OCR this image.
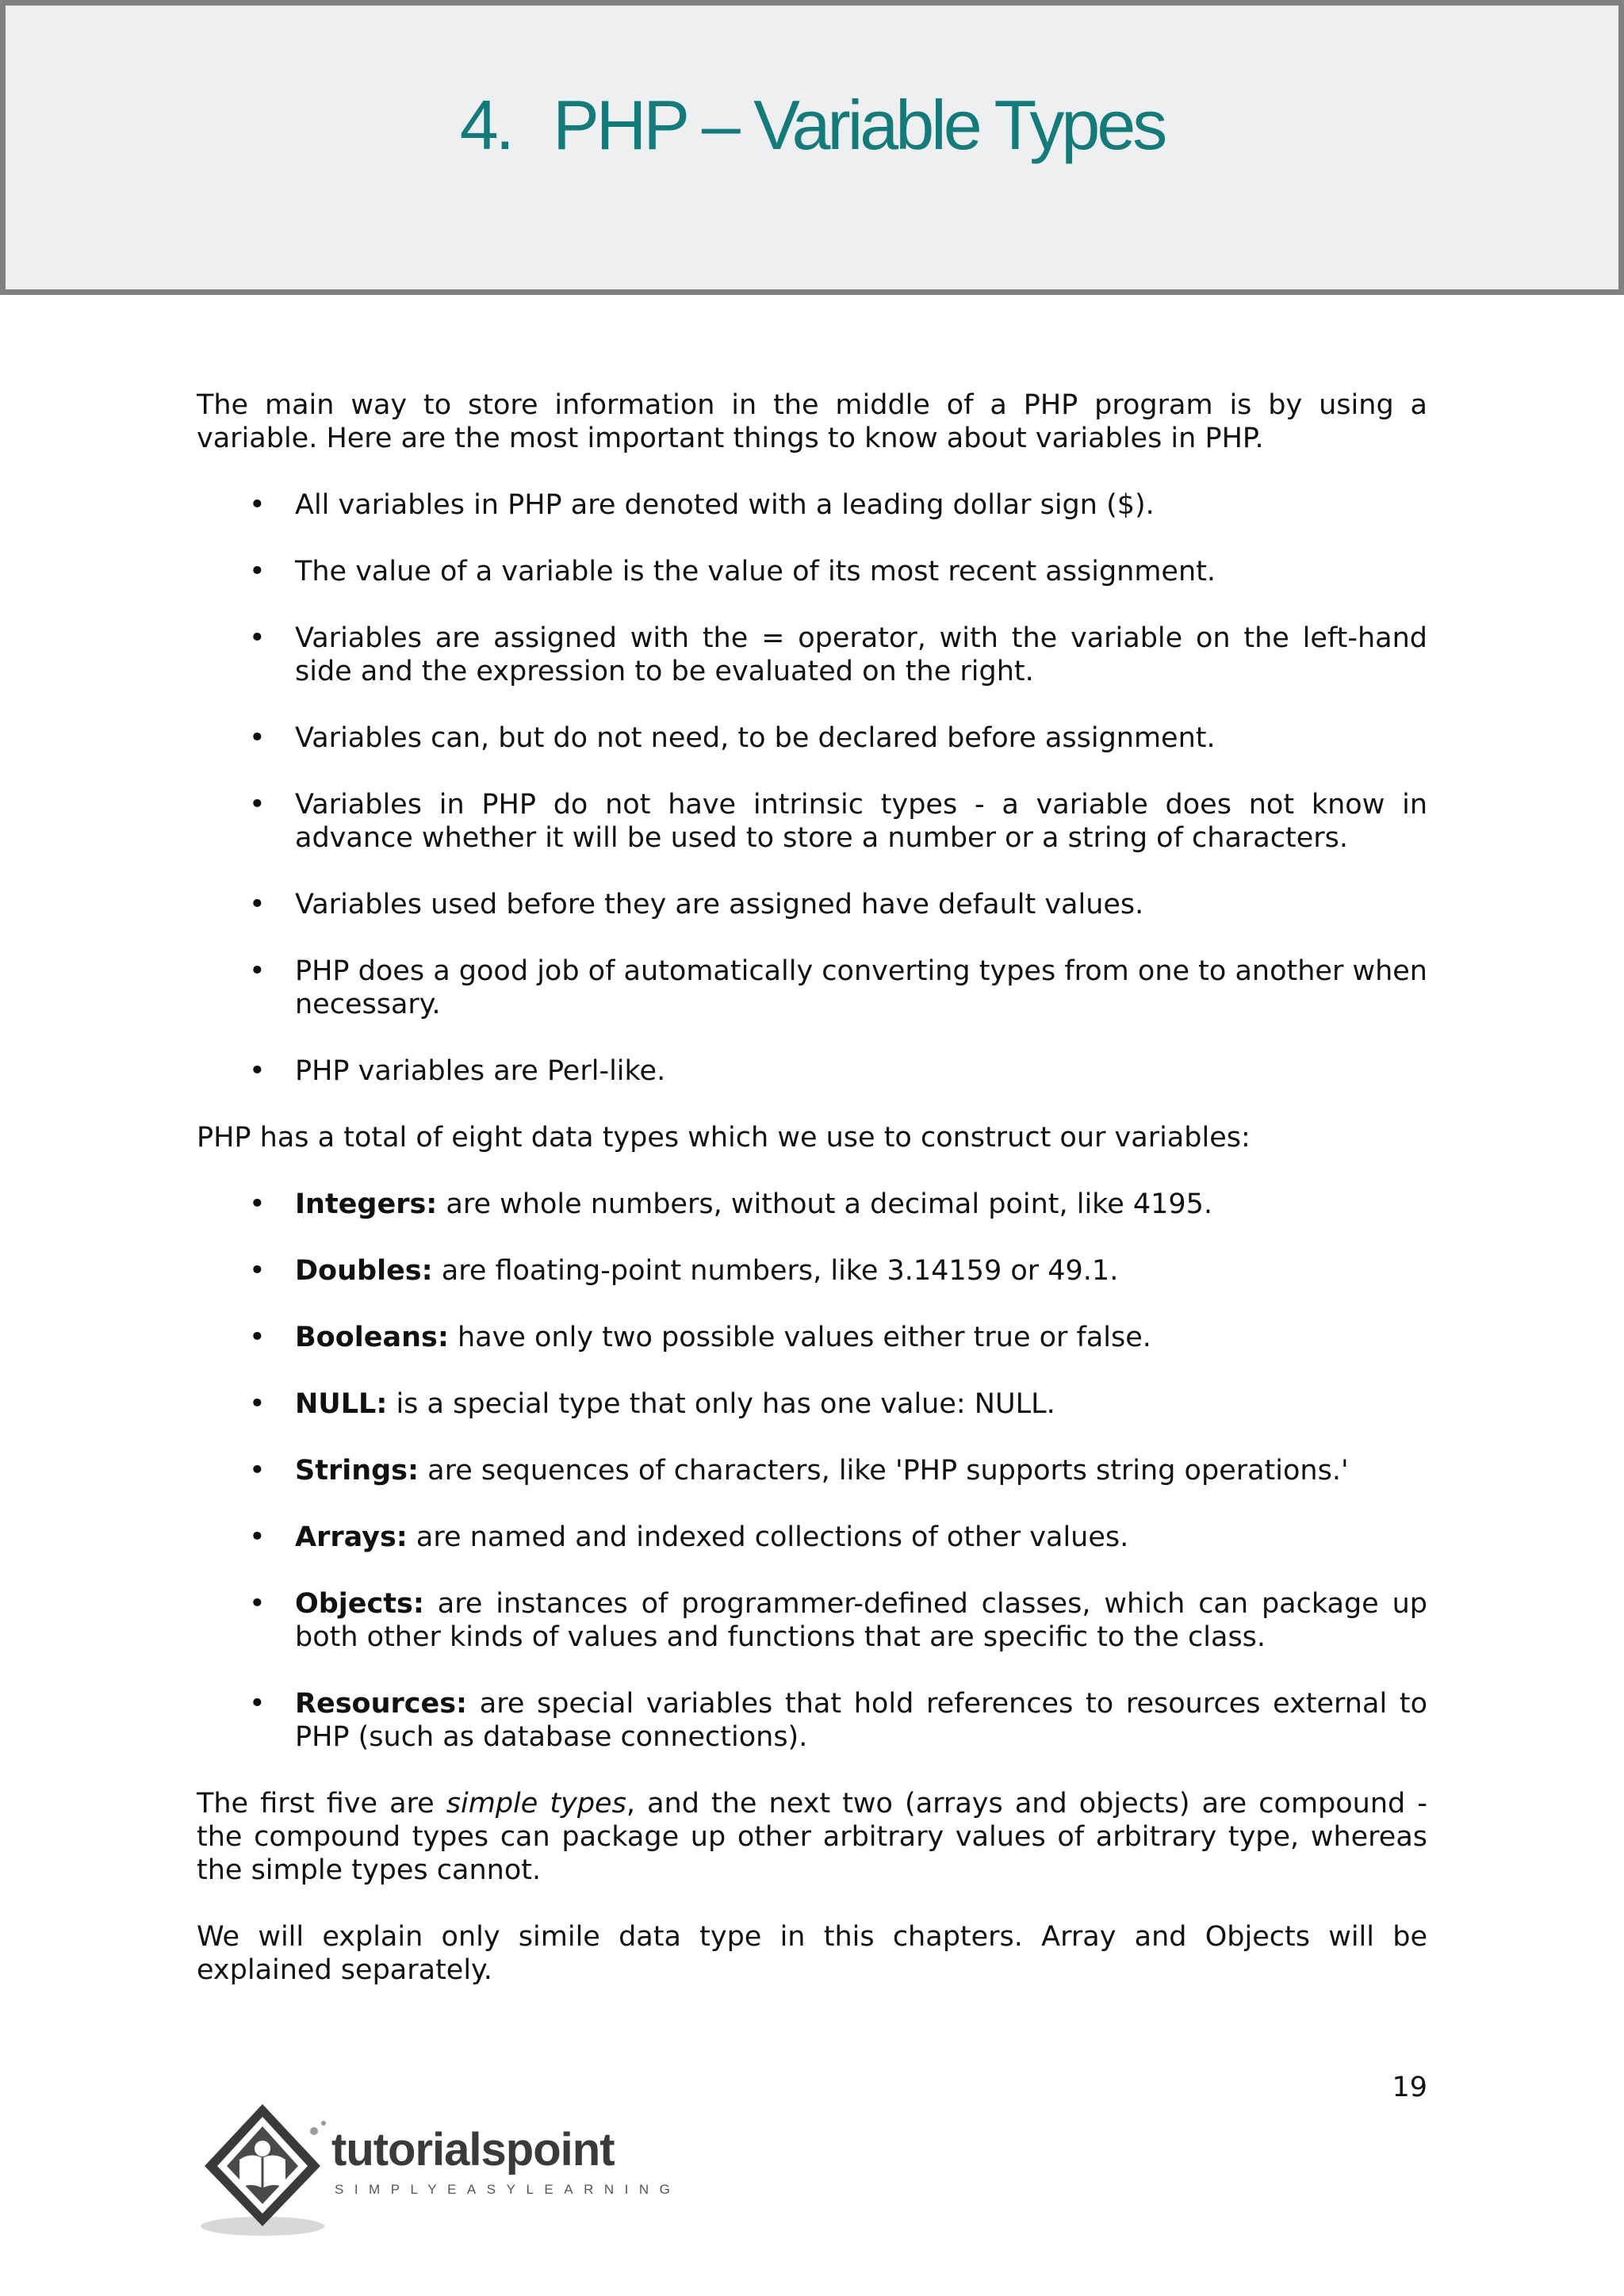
4. PHP – Variable Types

The main way to store information in the middle of a PHP program is by using a variable. Here are the most important things to know about variables in PHP.

• All variables in PHP are denoted with a leading dollar sign ($).
• The value of a variable is the value of its most recent assignment.
• Variables are assigned with the = operator, with the variable on the left-hand side and the expression to be evaluated on the right.
• Variables can, but do not need, to be declared before assignment.
• Variables in PHP do not have intrinsic types - a variable does not know in advance whether it will be used to store a number or a string of characters.
• Variables used before they are assigned have default values.
• PHP does a good job of automatically converting types from one to another when necessary.
• PHP variables are Perl-like.

PHP has a total of eight data types which we use to construct our variables:

• Integers: are whole numbers, without a decimal point, like 4195.
• Doubles: are floating-point numbers, like 3.14159 or 49.1.
• Booleans: have only two possible values either true or false.
• NULL: is a special type that only has one value: NULL.
• Strings: are sequences of characters, like 'PHP supports string operations.'
• Arrays: are named and indexed collections of other values.
• Objects: are instances of programmer-defined classes, which can package up both other kinds of values and functions that are specific to the class.
• Resources: are special variables that hold references to resources external to PHP (such as database connections).

The first five are simple types, and the next two (arrays and objects) are compound - the compound types can package up other arbitrary values of arbitrary type, whereas the simple types cannot.

We will explain only simile data type in this chapters. Array and Objects will be explained separately.

19
tutorialspoint
SIMPLYEASYLEARNING
